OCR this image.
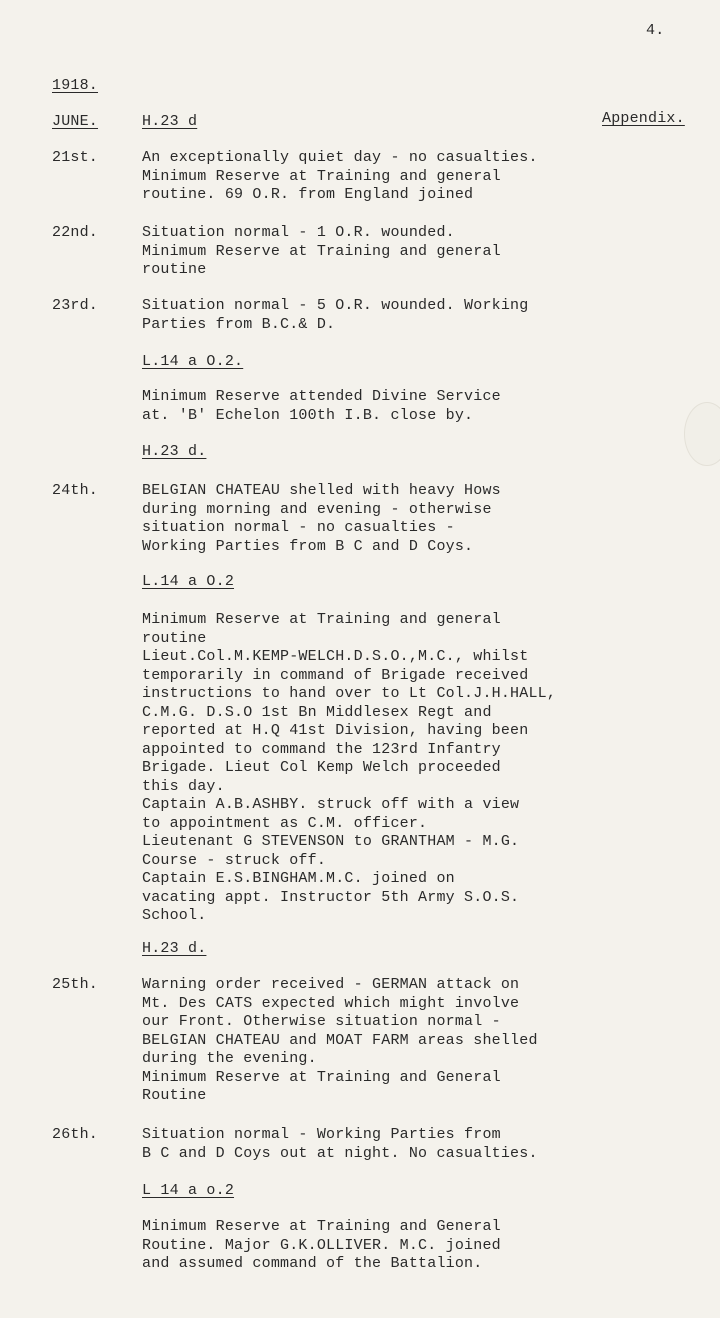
4.
1918.
JUNE.	H.23 d	Appendix.
21st.	An exceptionally quiet day - no casualties.
Minimum Reserve at Training and general
routine. 69 O.R. from England joined
22nd.	Situation normal - 1 O.R. wounded.
Minimum Reserve at Training and general
routine
23rd.	Situation normal - 5 O.R. wounded. Working
Parties from B.C.& D.
L.14 a O.2.
Minimum Reserve attended Divine Service
at. 'B' Echelon 100th I.B. close by.
H.23 d.
24th.	BELGIAN CHATEAU shelled with heavy Hows
during morning and evening - otherwise
situation normal - no casualties -
Working Parties from B C and D Coys.
L.14 a O.2
Minimum Reserve at Training and general
routine
Lieut.Col.M.KEMP-WELCH.D.S.O.,M.C., whilst
temporarily in command of Brigade received
instructions to hand over to Lt Col.J.H.HALL,
C.M.G. D.S.O 1st Bn Middlesex Regt and
reported at H.Q 41st Division, having been
appointed to command the 123rd Infantry
Brigade. Lieut Col Kemp Welch proceeded
this day.
Captain A.B.ASHBY. struck off with a view
to appointment as C.M. officer.
Lieutenant G STEVENSON to GRANTHAM - M.G.
Course - struck off.
Captain E.S.BINGHAM.M.C. joined on
vacating appt. Instructor 5th Army S.O.S.
School.
H.23 d.
25th.	Warning order received - GERMAN attack on
Mt. Des CATS expected which might involve
our Front. Otherwise situation normal -
BELGIAN CHATEAU and MOAT FARM areas shelled
during the evening.
Minimum Reserve at Training and General
Routine
26th.	Situation normal - Working Parties from
B C and D Coys out at night. No casualties.
L 14 a o.2
Minimum Reserve at Training and General
Routine. Major G.K.OLLIVER. M.C. joined
and assumed command of the Battalion.
